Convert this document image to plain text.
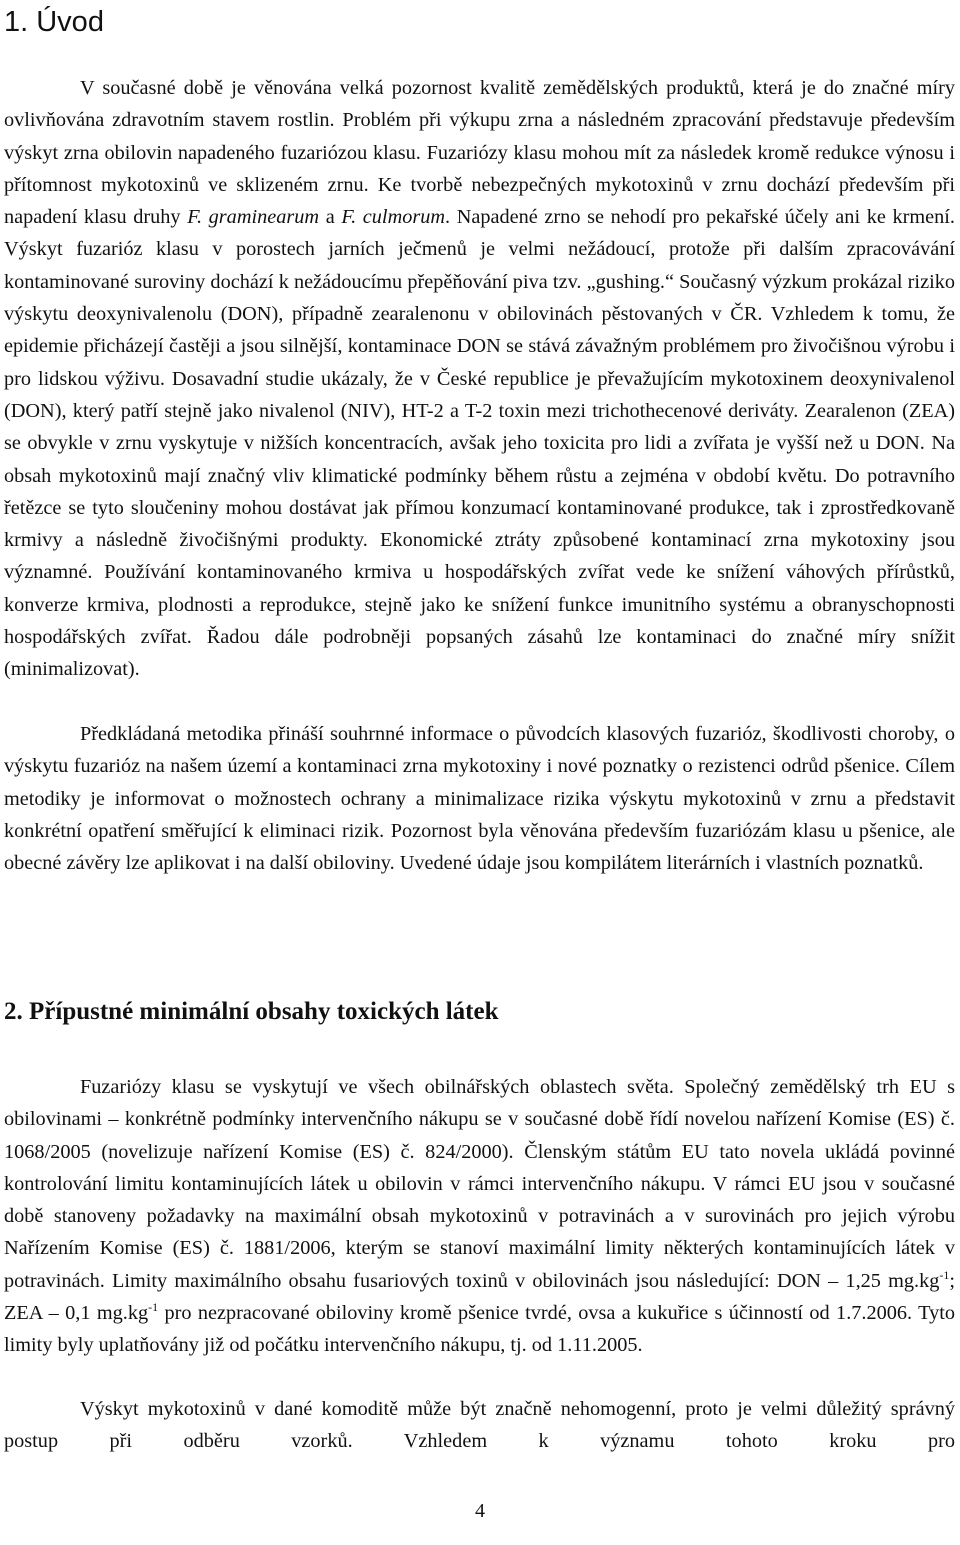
1. Úvod

V současné době je věnována velká pozornost kvalitě zemědělských produktů, která je do značné míry
ovlivňována zdravotním stavem rostlin. Problém při výkupu zrna a následném zpracování představuje především
výskyt zrna obilovin napadeného fuzariózou klasu. Fuzariózy klasu mohou mít za následek kromě redukce výnosu i
přítomnost mykotoxinů ve sklizeném zrnu. Ke tvorbě nebezpečných mykotoxinů v zrnu dochází především při
napadení klasu druhy F. graminearum a F. culmorum. Napadené zrno se nehodí pro pekařské účely ani ke krmení.
Výskyt fuzarióz klasu v porostech jarních ječmenů je velmi nežádoucí, protože při dalším zpracovávání
kontaminované suroviny dochází k nežádoucímu přepěňování piva tzv. „gushing.“ Současný výzkum prokázal riziko
výskytu deoxynivalenolu (DON), případně zearalenonu v obilovinách pěstovaných v ČR. Vzhledem k tomu, že
epidemie přicházejí častěji a jsou silnější, kontaminace DON se stává závažným problémem pro živočišnou výrobu i
pro lidskou výživu. Dosavadní studie ukázaly, že v České republice je převažujícím mykotoxinem deoxynivalenol
(DON), který patří stejně jako nivalenol (NIV), HT-2 a T-2 toxin mezi trichothecenové deriváty. Zearalenon (ZEA)
se obvykle v zrnu vyskytuje v nižších koncentracích, avšak jeho toxicita pro lidi a zvířata je vyšší než u DON. Na
obsah mykotoxinů mají značný vliv klimatické podmínky během růstu a zejména v období květu. Do potravního
řetězce se tyto sloučeniny mohou dostávat jak přímou konzumací kontaminované produkce, tak i zprostředkovaně
krmivy a následně živočišnými produkty. Ekonomické ztráty způsobené kontaminací zrna mykotoxiny jsou
významné. Používání kontaminovaného krmiva u hospodářských zvířat vede ke snížení váhových přírůstků,
konverze krmiva, plodnosti a reprodukce, stejně jako ke snížení funkce imunitního systému a obranyschopnosti
hospodářských zvířat. Řadou dále podrobněji popsaných zásahů lze kontaminaci do značné míry snížit
(minimalizovat).

Předkládaná metodika přináší souhrnné informace o původcích klasových fuzarióz, škodlivosti choroby, o
výskytu fuzarióz na našem území a kontaminaci zrna mykotoxiny i nové poznatky o rezistenci odrůd pšenice. Cílem
metodiky je informovat o možnostech ochrany a minimalizace rizika výskytu mykotoxinů v zrnu a představit
konkrétní opatření směřující k eliminaci rizik. Pozornost byla věnována především fuzariózám klasu u pšenice, ale
obecné závěry lze aplikovat i na další obiloviny. Uvedené údaje jsou kompilátem literárních i vlastních poznatků.

2. Přípustné minimální obsahy toxických látek

Fuzariózy klasu se vyskytují ve všech obilnářských oblastech světa. Společný zemědělský trh EU s
obilovinami – konkrétně podmínky intervenčního nákupu se v současné době řídí novelou nařízení Komise (ES) č.
1068/2005 (novelizuje nařízení Komise (ES) č. 824/2000). Členským státům EU tato novela ukládá povinné
kontrolování limitu kontaminujících látek u obilovin v rámci intervenčního nákupu. V rámci EU jsou v současné
době stanoveny požadavky na maximální obsah mykotoxinů v potravinách a v surovinách pro jejich výrobu
Nařízením Komise (ES) č. 1881/2006, kterým se stanoví maximální limity některých kontaminujících látek v
potravinách. Limity maximálního obsahu fusariových toxinů v obilovinách jsou následující: DON – 1,25 $mg.kg^{-1}$;
ZEA – 0,1 $mg.kg^{-1}$ pro nezpracované obiloviny kromě pšenice tvrdé, ovsa a kukuřice s účinností od 1.7.2006. Tyto
limity byly uplatňovány již od počátku intervenčního nákupu, tj. od 1.11.2005.

Výskyt mykotoxinů v dané komoditě může být značně nehomogenní, proto je velmi důležitý správný
postup při odběru vzorků. Vzhledem k významu tohoto kroku pro

4
